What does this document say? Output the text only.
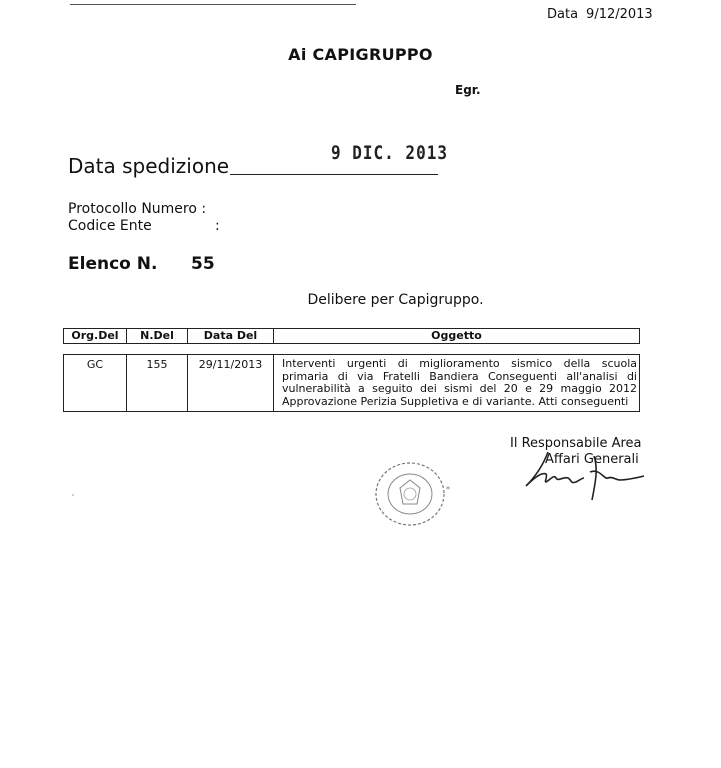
Data 9/12/2013
Ai CAPIGRUPPO
Egr.
9 DIC. 2013
Data spedizione
Protocollo Numero :
Codice Ente	:
Elenco N. 55
Delibere per Capigruppo.
Org.Del	N.Del	Data Del	Oggetto
GC	155	29/11/2013	Interventi urgenti di miglioramento sismico della scuola
primaria di via Fratelli Bandiera Conseguenti all'analisi di
vulnerabilità a seguito dei sismi del 20 e 29 maggio 2012
Approvazione Perizia Suppletiva e di variante. Atti conseguenti
Il Responsabile Area
Affari Generali
*
